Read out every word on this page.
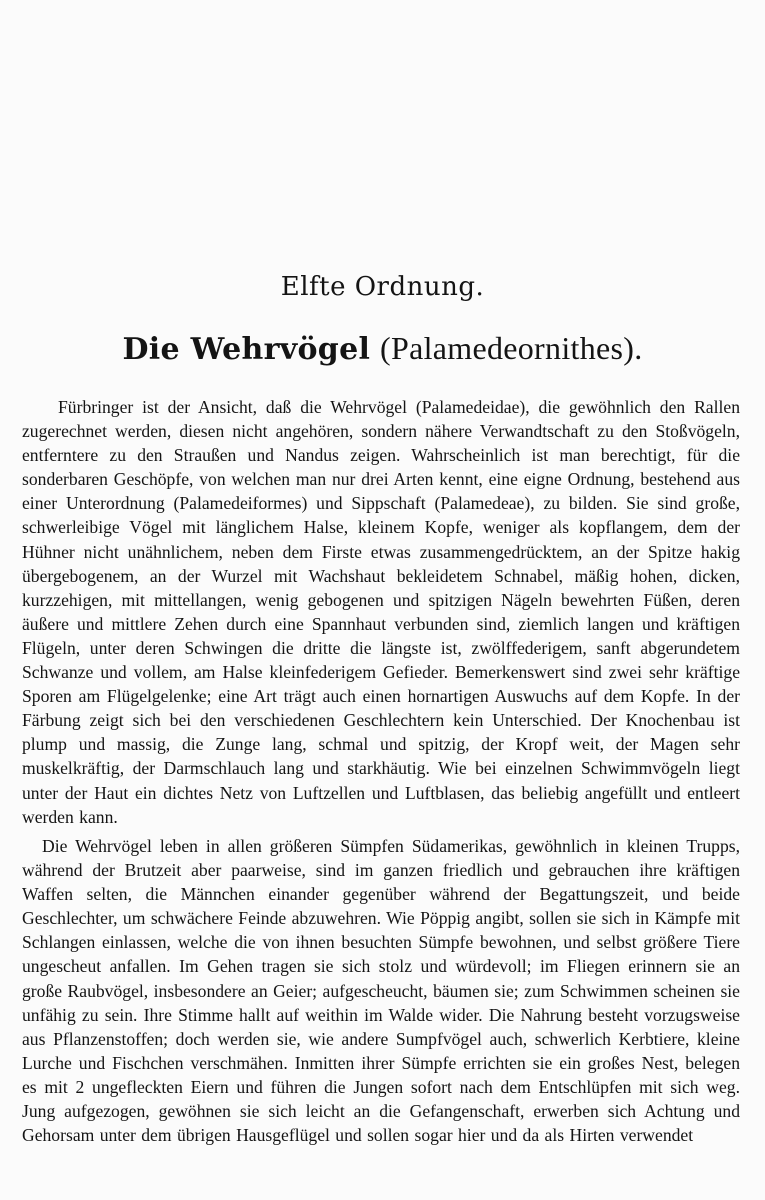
Elfte Ordnung.
Die Wehrvögel (Palamedeornithes).
Fürbringer ist der Ansicht, daß die Wehrvögel (Palamedeidae), die gewöhnlich den Rallen zugerechnet werden, diesen nicht angehören, sondern nähere Verwandtschaft zu den Stoßvögeln, entferntere zu den Straußen und Nandus zeigen. Wahrscheinlich ist man berechtigt, für die sonderbaren Geschöpfe, von welchen man nur drei Arten kennt, eine eigne Ordnung, bestehend aus einer Unterordnung (Palamedeiformes) und Sippschaft (Palamedeae), zu bilden. Sie sind große, schwerleibige Vögel mit länglichem Halse, kleinem Kopfe, weniger als kopflangem, dem der Hühner nicht unähnlichem, neben dem Firste etwas zusammengedrücktem, an der Spitze hakig übergebogenem, an der Wurzel mit Wachshaut bekleidetem Schnabel, mäßig hohen, dicken, kurzzehigen, mit mittellangen, wenig gebogenen und spitzigen Nägeln bewehrten Füßen, deren äußere und mittlere Zehen durch eine Spannhaut verbunden sind, ziemlich langen und kräftigen Flügeln, unter deren Schwingen die dritte die längste ist, zwölffederigem, sanft abgerundetem Schwanze und vollem, am Halse kleinfederigem Gefieder. Bemerkenswert sind zwei sehr kräftige Sporen am Flügelgelenke; eine Art trägt auch einen hornartigen Auswuchs auf dem Kopfe. In der Färbung zeigt sich bei den verschiedenen Geschlechtern kein Unterschied. Der Knochenbau ist plump und massig, die Zunge lang, schmal und spitzig, der Kropf weit, der Magen sehr muskelkräftig, der Darmschlauch lang und starkhäutig. Wie bei einzelnen Schwimmvögeln liegt unter der Haut ein dichtes Netz von Luftzellen und Luftblasen, das beliebig angefüllt und entleert werden kann.
Die Wehrvögel leben in allen größeren Sümpfen Südamerikas, gewöhnlich in kleinen Trupps, während der Brutzeit aber paarweise, sind im ganzen friedlich und gebrauchen ihre kräftigen Waffen selten, die Männchen einander gegenüber während der Begattungszeit, und beide Geschlechter, um schwächere Feinde abzuwehren. Wie Pöppig angibt, sollen sie sich in Kämpfe mit Schlangen einlassen, welche die von ihnen besuchten Sümpfe bewohnen, und selbst größere Tiere ungescheut anfallen. Im Gehen tragen sie sich stolz und würdevoll; im Fliegen erinnern sie an große Raubvögel, insbesondere an Geier; aufgescheucht, bäumen sie; zum Schwimmen scheinen sie unfähig zu sein. Ihre Stimme hallt auf weithin im Walde wider. Die Nahrung besteht vorzugsweise aus Pflanzenstoffen; doch werden sie, wie andere Sumpfvögel auch, schwerlich Kerbtiere, kleine Lurche und Fischchen verschmähen. Inmitten ihrer Sümpfe errichten sie ein großes Nest, belegen es mit 2 ungefleckten Eiern und führen die Jungen sofort nach dem Entschlüpfen mit sich weg. Jung aufgezogen, gewöhnen sie sich leicht an die Gefangenschaft, erwerben sich Achtung und Gehorsam unter dem übrigen Hausgeflügel und sollen sogar hier und da als Hirten verwendet
